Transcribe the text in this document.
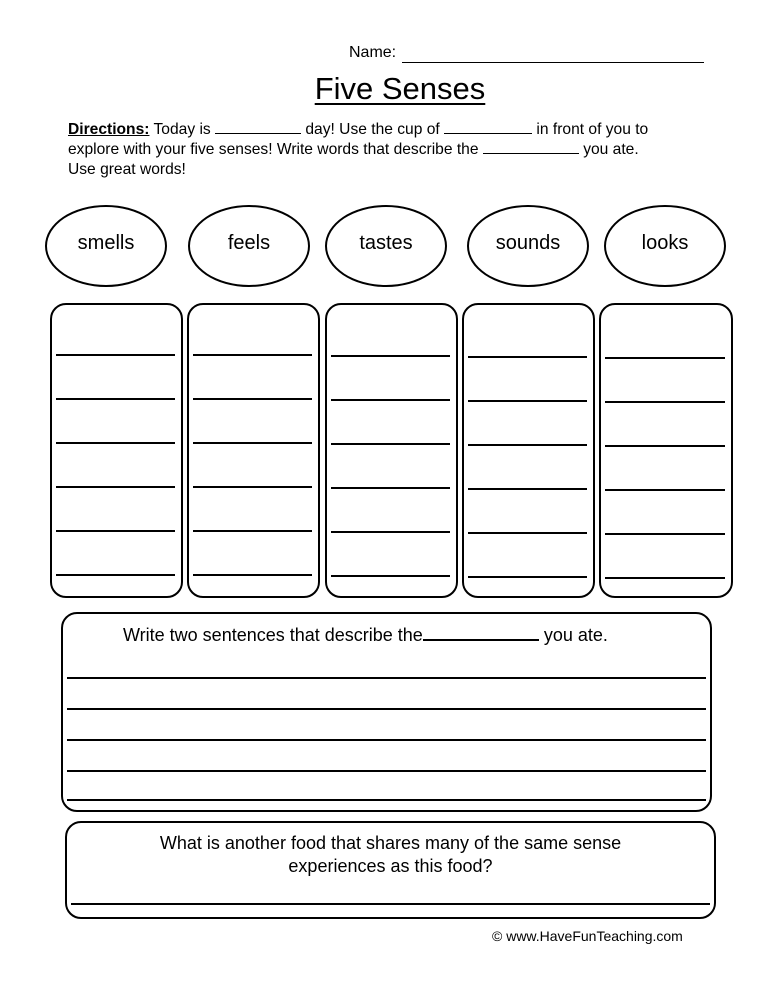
Name:
Five Senses
Directions: Today is	day! Use the cup of	in front of you to
explore with your five senses! Write words that describe the	you ate.
Use great words!
smells	feels	tastes	sounds	looks
Write two sentences that describe the	you ate.
What is another food that shares many of the same sense
experiences as this food?
© www.HaveFunTeaching.com
